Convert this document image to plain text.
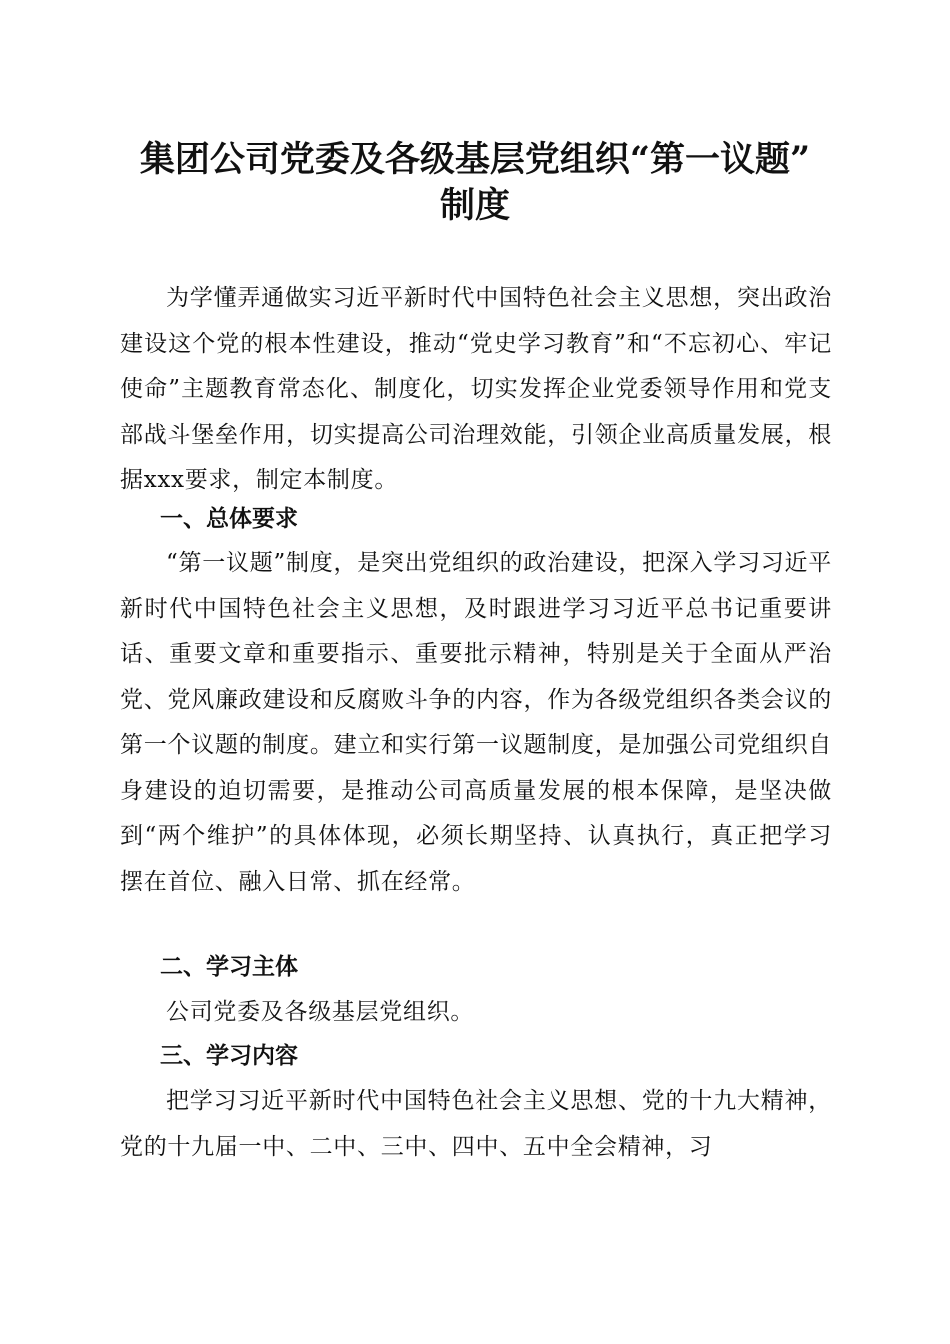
集团公司党委及各级基层党组织“第一议题”
制度

为学懂弄通做实习近平新时代中国特色社会主义思想，突出政治建设这个党的根本性建设，推动“党史学习教育”和“不忘初心、牢记使命”主题教育常态化、制度化，切实发挥企业党委领导作用和党支部战斗堡垒作用，切实提高公司治理效能，引领企业高质量发展，根据xxx要求，制定本制度。

一、总体要求

“第一议题”制度，是突出党组织的政治建设，把深入学习习近平新时代中国特色社会主义思想，及时跟进学习习近平总书记重要讲话、重要文章和重要指示、重要批示精神，特别是关于全面从严治党、党风廉政建设和反腐败斗争的内容，作为各级党组织各类会议的第一个议题的制度。建立和实行第一议题制度，是加强公司党组织自身建设的迫切需要，是推动公司高质量发展的根本保障，是坚决做到“两个维护”的具体体现，必须长期坚持、认真执行，真正把学习摆在首位、融入日常、抓在经常。

二、学习主体

公司党委及各级基层党组织。

三、学习内容

把学习习近平新时代中国特色社会主义思想、党的十九大精神，党的十九届一中、二中、三中、四中、五中全会精神，习
